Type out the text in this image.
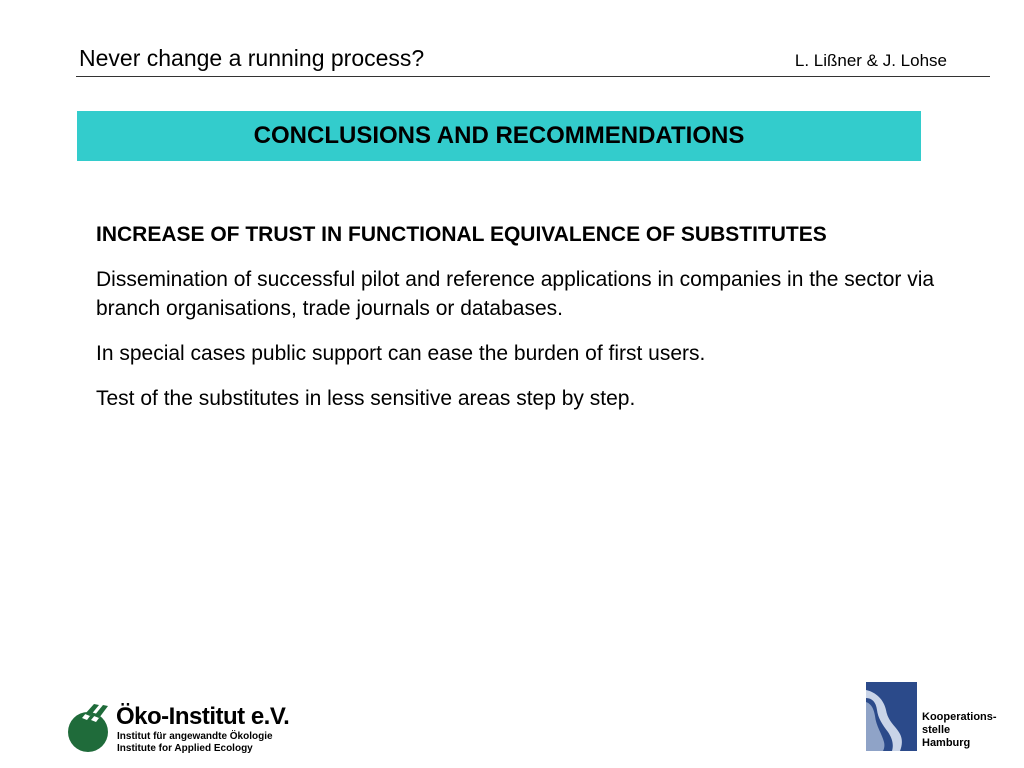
Never change a running process?	L. Lißner & J. Lohse
CONCLUSIONS AND RECOMMENDATIONS

INCREASE OF TRUST IN FUNCTIONAL EQUIVALENCE OF SUBSTITUTES

Dissemination of successful pilot and reference applications in companies in the sector via branch organisations, trade journals or databases.

In special cases public support can ease the burden of first users.

Test of the substitutes in less sensitive areas step by step.

Öko-Institut e.V.
Institut für angewandte Ökologie
Institute for Applied Ecology
Kooperations-
stelle
Hamburg
